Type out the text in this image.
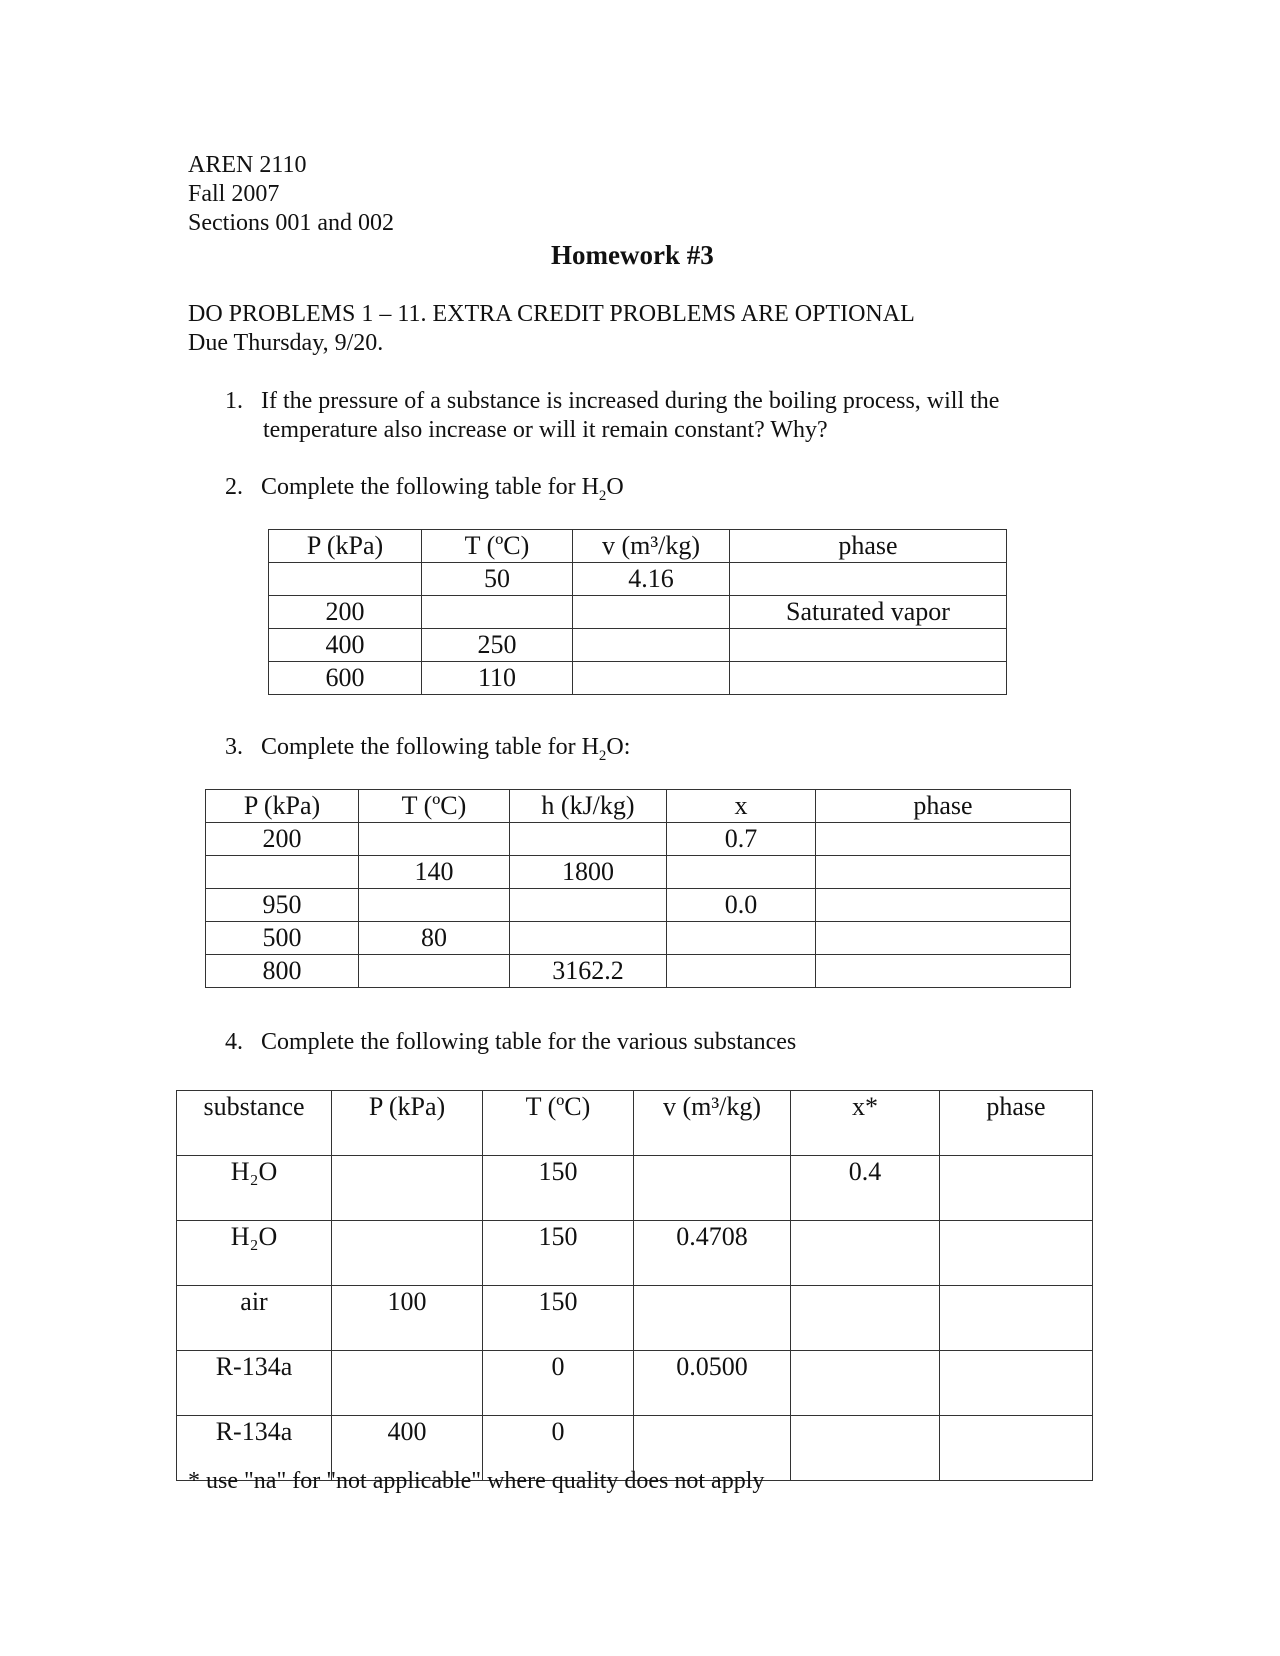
AREN 2110
Fall 2007
Sections 001 and 002
Homework #3
DO PROBLEMS 1 – 11. EXTRA CREDIT PROBLEMS ARE OPTIONAL
Due Thursday, 9/20.
1. If the pressure of a substance is increased during the boiling process, will the
temperature also increase or will it remain constant? Why?
2. Complete the following table for $H_2O$
P (kPa)	T (ºC)	v (m³/kg)	phase
	50	4.16	
200			Saturated vapor
400	250		
600	110		
3. Complete the following table for $H_2O$:
P (kPa)	T (ºC)	h (kJ/kg)	x	phase
200			0.7	
	140	1800		
950			0.0	
500	80			
800		3162.2		
4. Complete the following table for the various substances
substance	P (kPa)	T (ºC)	v (m³/kg)	x*	phase
H₂O		150		0.4	
H₂O		150	0.4708		
air	100	150			
R-134a		0	0.0500		
R-134a	400	0			
* use "na" for "not applicable" where quality does not apply
